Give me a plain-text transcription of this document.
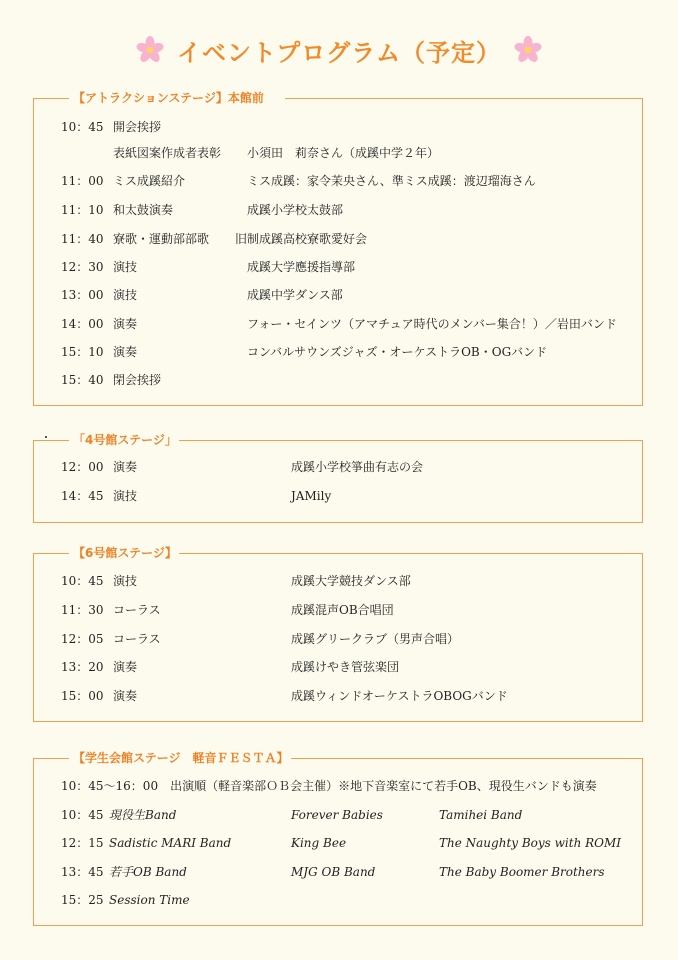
イベントプログラム（予定）
【アトラクションステージ】本館前
10：45 開会挨拶
表紙図案作成者表彰 小須田　莉奈さん（成蹊中学２年）
11：00 ミス成蹊紹介	ミス成蹊：家令茉央さん、準ミス成蹊：渡辺瑠海さん
11：10 和太鼓演奏	成蹊小学校太鼓部
11：40 寮歌・運動部部歌 旧制成蹊高校寮歌愛好会
12：30 演技	成蹊大学應援指導部
13：00 演技	成蹊中学ダンス部
14：00 演奏	フォー・セインツ（アマチュア時代のメンバー集合！）／岩田バンド
15：10 演奏	コンバルサウンズジャズ・オーケストラOB・OGバンド
15：40 閉会挨拶
「4号館ステージ」
12：00 演奏	成蹊小学校箏曲有志の会
14：45 演技	JAMily
【6号館ステージ】
10：45 演技	成蹊大学競技ダンス部
11：30 コーラス	成蹊混声OB合唱団
12：05 コーラス	成蹊グリークラブ（男声合唱）
13：20 演奏	成蹊けやき管弦楽団
15：00 演奏	成蹊ウィンドオーケストラOBOGバンド
【学生会館ステージ　軽音ＦＥＳＴＡ】
10：45～16：00　出演順（軽音楽部ＯＢ会主催）※地下音楽室にて若手OB、現役生バンドも演奏
10：45 現役生Band	Forever Babies	Tamihei Band
12：15 Sadistic MARI Band	King Bee	The Naughty Boys with ROMI
13：45 若手OB Band	MJG OB Band	The Baby Boomer Brothers
15：25 Session Time
